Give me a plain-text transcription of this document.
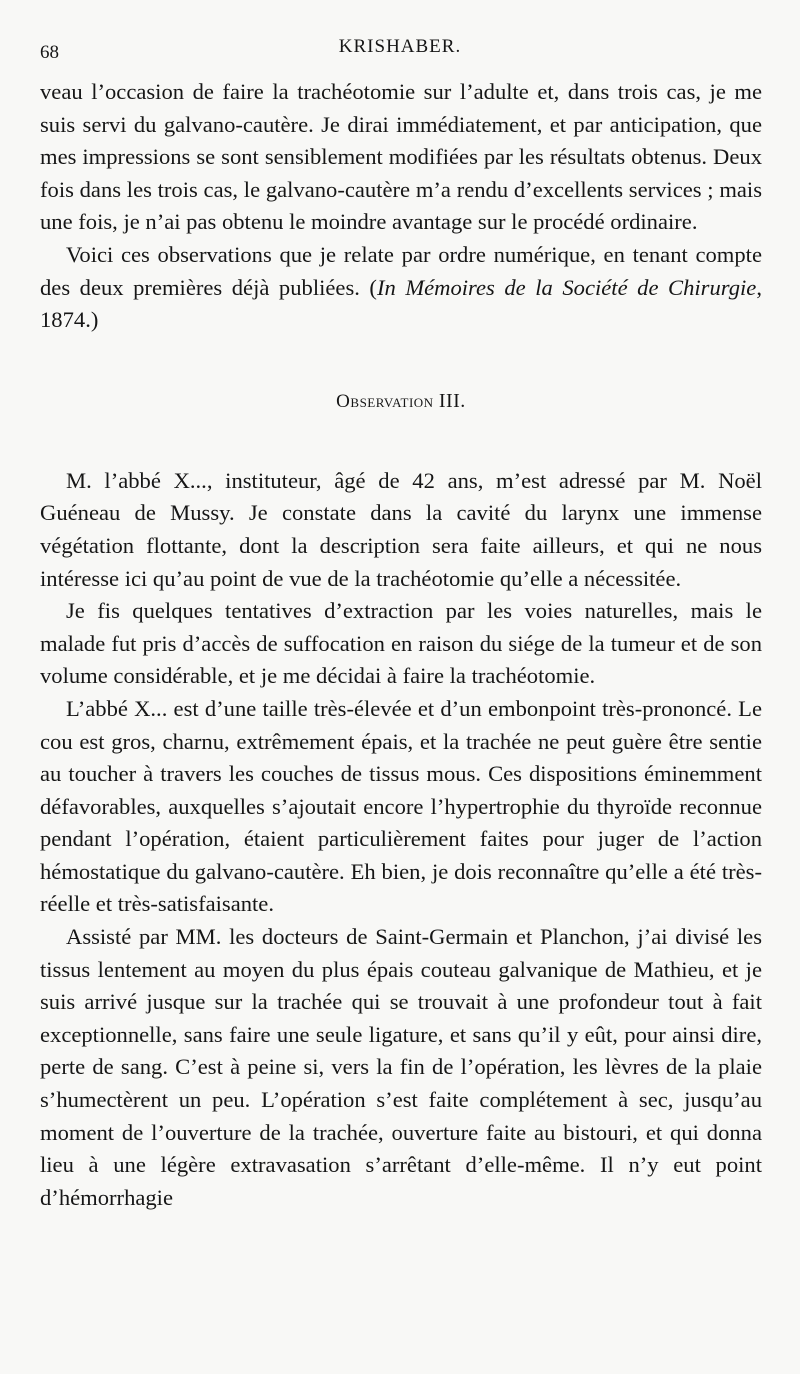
68	KRISHABER.

veau l’occasion de faire la trachéotomie sur l’adulte et, dans trois cas, je me suis servi du galvano-cautère. Je dirai immédiatement, et par anticipation, que mes impressions se sont sensiblement modifiées par les résultats obtenus. Deux fois dans les trois cas, le galvano-cautère m’a rendu d’excellents services ; mais une fois, je n’ai pas obtenu le moindre avantage sur le procédé ordinaire.

Voici ces observations que je relate par ordre numérique, en tenant compte des deux premières déjà publiées. (In Mémoires de la Société de Chirurgie, 1874.)

Observation III.

M. l’abbé X..., instituteur, âgé de 42 ans, m’est adressé par M. Noël Guéneau de Mussy. Je constate dans la cavité du larynx une immense végétation flottante, dont la description sera faite ailleurs, et qui ne nous intéresse ici qu’au point de vue de la trachéotomie qu’elle a nécessitée.

Je fis quelques tentatives d’extraction par les voies naturelles, mais le malade fut pris d’accès de suffocation en raison du siége de la tumeur et de son volume considérable, et je me décidai à faire la trachéotomie.

L’abbé X... est d’une taille très-élevée et d’un embonpoint très-prononcé. Le cou est gros, charnu, extrêmement épais, et la trachée ne peut guère être sentie au toucher à travers les couches de tissus mous. Ces dispositions éminemment défavorables, auxquelles s’ajoutait encore l’hypertrophie du thyroïde reconnue pendant l’opération, étaient particulièrement faites pour juger de l’action hémostatique du galvano-cautère. Eh bien, je dois reconnaître qu’elle a été très-réelle et très-satisfaisante.

Assisté par MM. les docteurs de Saint-Germain et Planchon, j’ai divisé les tissus lentement au moyen du plus épais couteau galvanique de Mathieu, et je suis arrivé jusque sur la trachée qui se trouvait à une profondeur tout à fait exceptionnelle, sans faire une seule ligature, et sans qu’il y eût, pour ainsi dire, perte de sang. C’est à peine si, vers la fin de l’opération, les lèvres de la plaie s’humectèrent un peu. L’opération s’est faite complétement à sec, jusqu’au moment de l’ouverture de la trachée, ouverture faite au bistouri, et qui donna lieu à une légère extravasation s’arrêtant d’elle-même. Il n’y eut point d’hémorrhagie
